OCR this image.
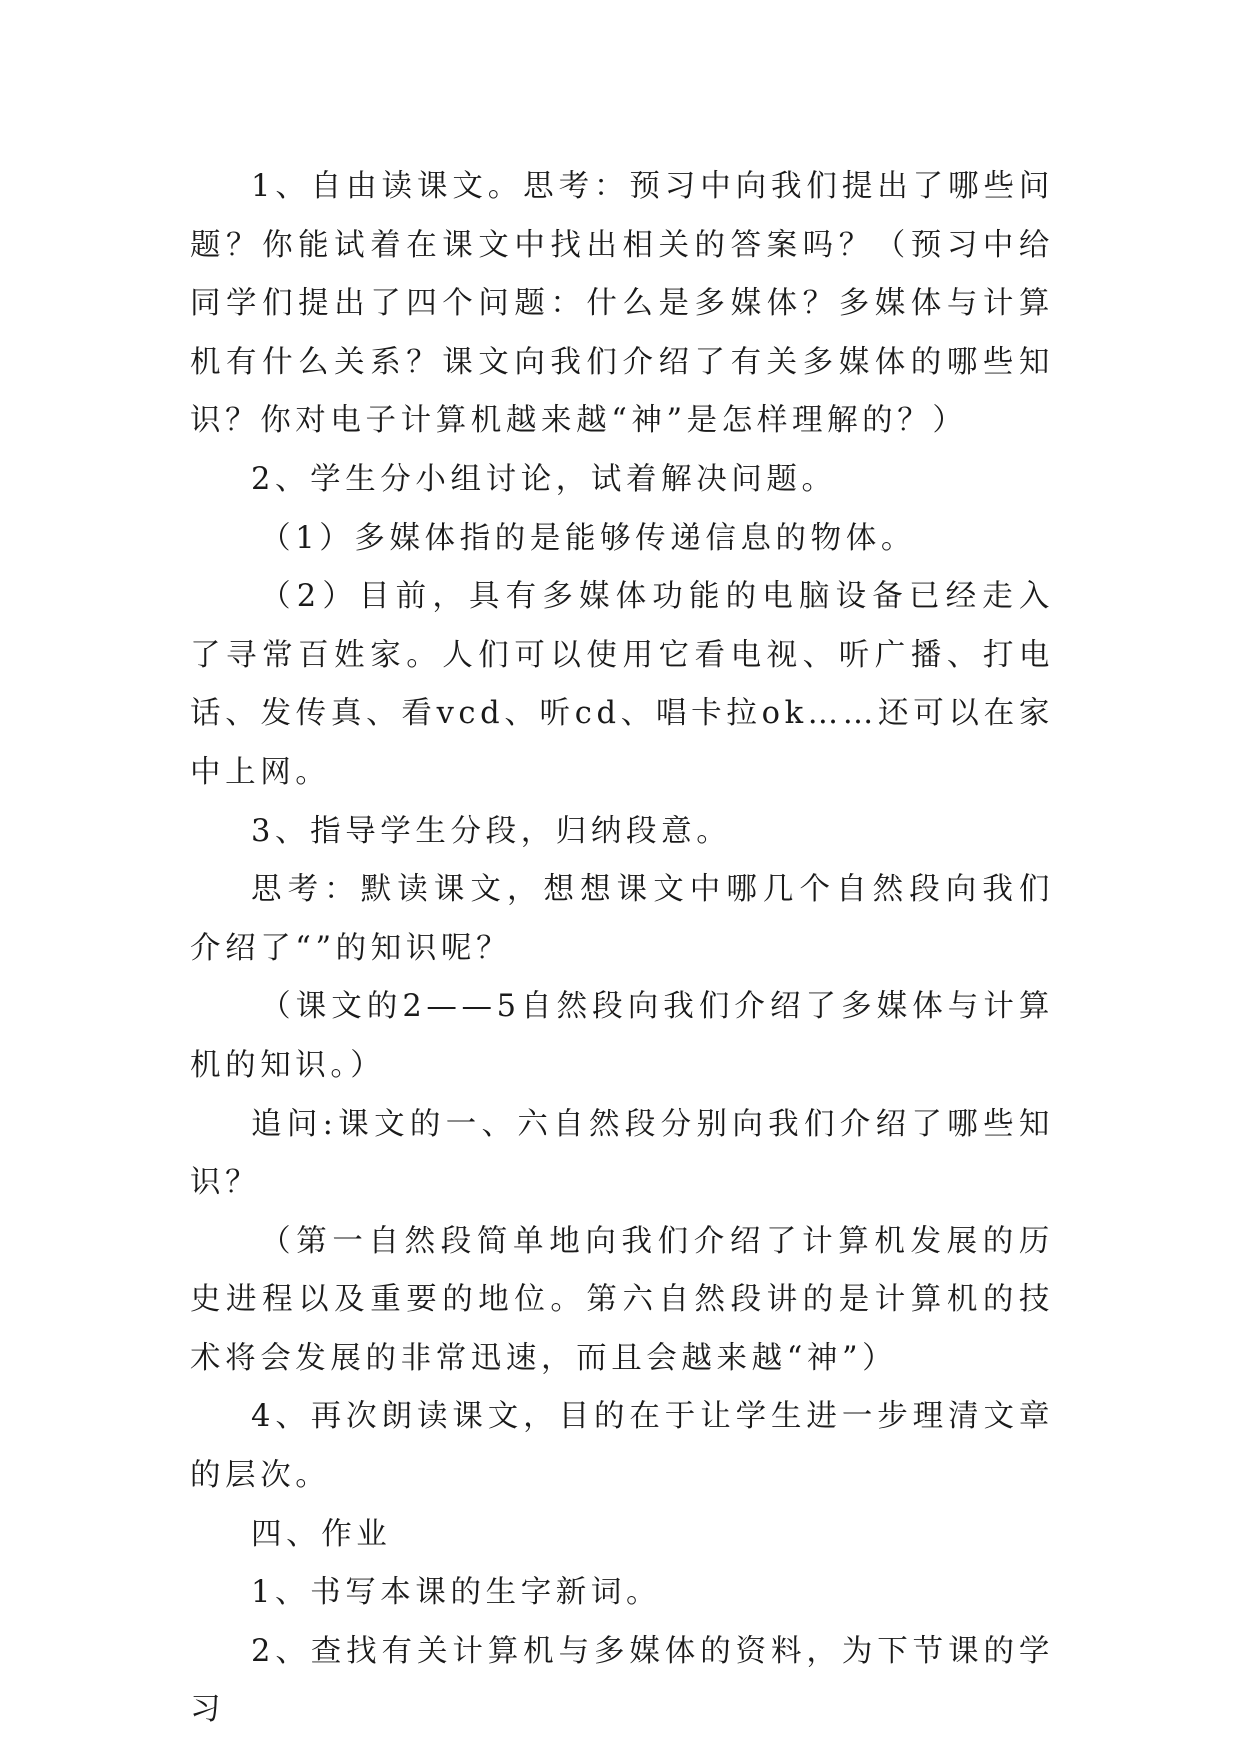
1、自由读课文。思考：预习中向我们提出了哪些问题？你能试着在课文中找出相关的答案吗？（预习中给同学们提出了四个问题：什么是多媒体？多媒体与计算机有什么关系？课文向我们介绍了有关多媒体的哪些知识？你对电子计算机越来越“神”是怎样理解的？）

2、学生分小组讨论，试着解决问题。

（1）多媒体指的是能够传递信息的物体。

（2）目前，具有多媒体功能的电脑设备已经走入了寻常百姓家。人们可以使用它看电视、听广播、打电话、发传真、看vcd、听cd、唱卡拉ok……还可以在家中上网。

3、指导学生分段，归纳段意。

思考：默读课文，想想课文中哪几个自然段向我们介绍了“”的知识呢？

（课文的2——5自然段向我们介绍了多媒体与计算机的知识。）

追问:课文的一、六自然段分别向我们介绍了哪些知识？

（第一自然段简单地向我们介绍了计算机发展的历史进程以及重要的地位。第六自然段讲的是计算机的技术将会发展的非常迅速，而且会越来越“神”）

4、再次朗读课文，目的在于让学生进一步理清文章的层次。

四、作业

1、书写本课的生字新词。

2、查找有关计算机与多媒体的资料，为下节课的学习
